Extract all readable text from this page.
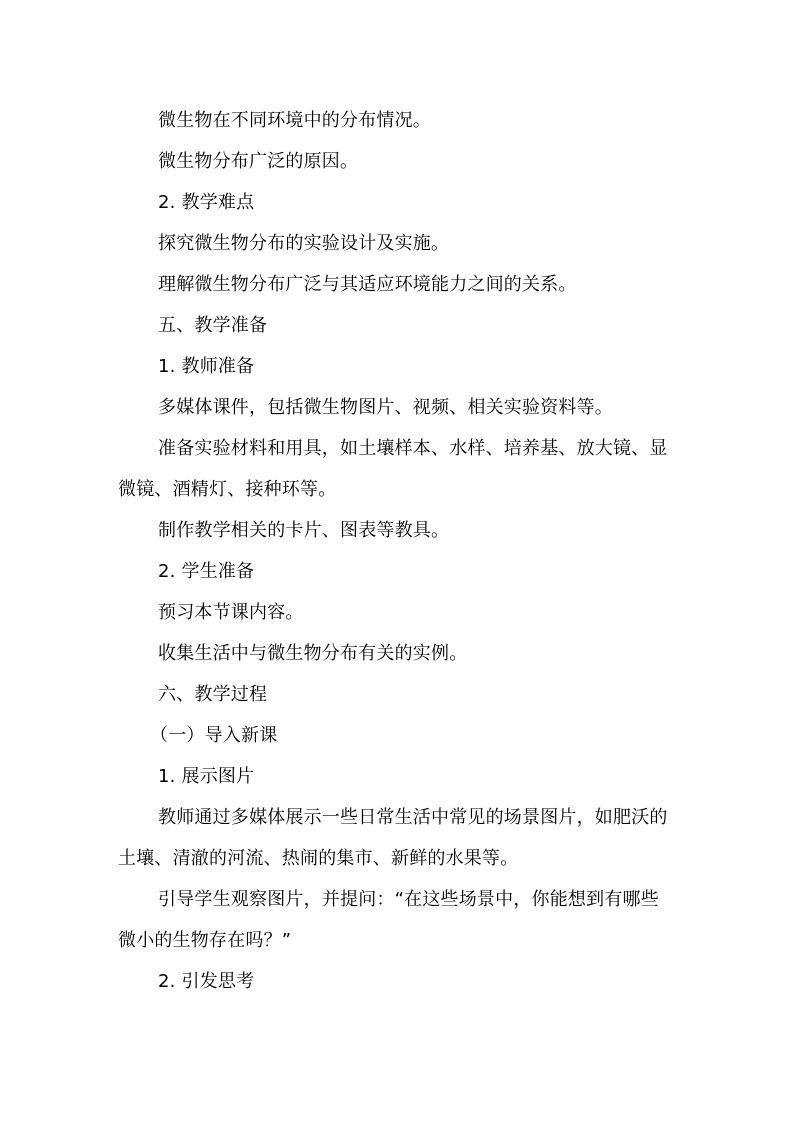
微生物在不同环境中的分布情况。
微生物分布广泛的原因。
2. 教学难点
探究微生物分布的实验设计及实施。
理解微生物分布广泛与其适应环境能力之间的关系。
五、教学准备
1. 教师准备
多媒体课件，包括微生物图片、视频、相关实验资料等。
准备实验材料和用具，如土壤样本、水样、培养基、放大镜、显
微镜、酒精灯、接种环等。
制作教学相关的卡片、图表等教具。
2. 学生准备
预习本节课内容。
收集生活中与微生物分布有关的实例。
六、教学过程
（一）导入新课
1. 展示图片
教师通过多媒体展示一些日常生活中常见的场景图片，如肥沃的
土壤、清澈的河流、热闹的集市、新鲜的水果等。
引导学生观察图片，并提问：“在这些场景中，你能想到有哪些
微小的生物存在吗？”
2. 引发思考
